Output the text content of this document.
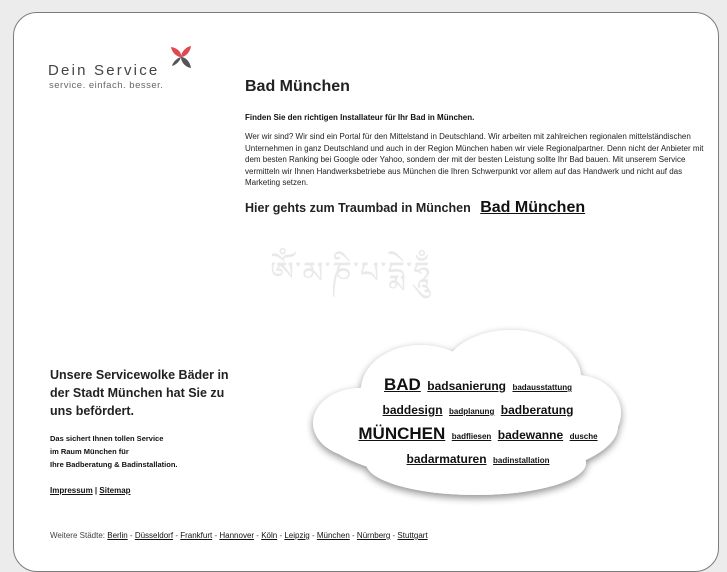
Dein Service
service. einfach. besser.	Bad München
Finden Sie den richtigen Installateur für Ihr Bad in München.
Wer wir sind? Wir sind ein Portal für den Mittelstand in Deutschland. Wir arbeiten mit zahlreichen regionalen mittelständischen Unternehmen in ganz Deutschland und auch in der Region München haben wir viele Regionalpartner. Denn nicht der Anbieter mit dem besten Ranking bei Google oder Yahoo, sondern der mit der besten Leistung sollte Ihr Bad bauen. Mit unserem Service vermitteln wir Ihnen Handwerksbetriebe aus München die Ihren Schwerpunkt vor allem auf das Handwerk und nicht auf das Marketing setzen.
Hier gehts zum Traumbad in München Bad München
ༀ་མ་ཎི་པ་དྨེ་ཧཱུྃ
Unsere Servicewolke Bäder in der Stadt München hat Sie zu uns befördert.
Das sichert Ihnen tollen Service
im Raum München für
Ihre Badberatung & Badinstallation.
Impressum | Sitemap
BAD badsanierung badausstattung
baddesign badplanung badberatung
MÜNCHEN badfliesen badewanne dusche
badarmaturen badinstallation
Weitere Städte: Berlin - Düsseldorf - Frankfurt - Hannover - Köln - Leipzig - München - Nürnberg - Stuttgart
